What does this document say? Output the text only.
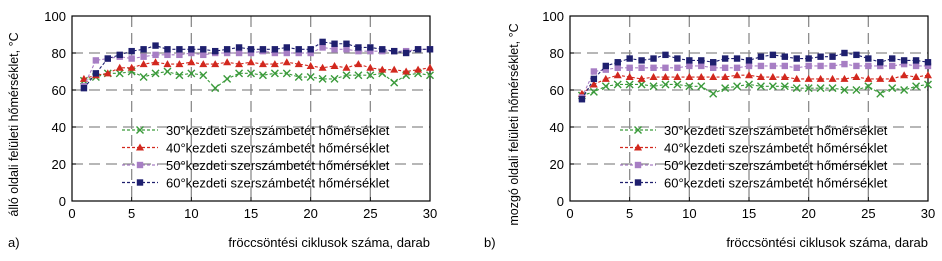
0	5	10	15	20	25	30
0
20
40
60
80
100
fröccsöntési ciklusok száma, darab
álló oldali felületi hőmérséklet, °C
a)
30°kezdeti szerszámbetét hőmérséklet
40°kezdeti szerszámbetét hőmérséklet
50°kezdeti szerszámbetét hőmérséklet
60°kezdeti szerszámbetét hőmérséklet
0	5	10	15	20	25	30
0
20
40
60
80
100
fröccsöntési ciklusok száma, darab
mozgó oldali felületi hőmérséklet, °C
b)
30°kezdeti szerszámbetét hőmérséklet
40°kezdeti szerszámbetét hőmérséklet
50°kezdeti szerszámbetét hőmérséklet
60°kezdeti szerszámbetét hőmérséklet
